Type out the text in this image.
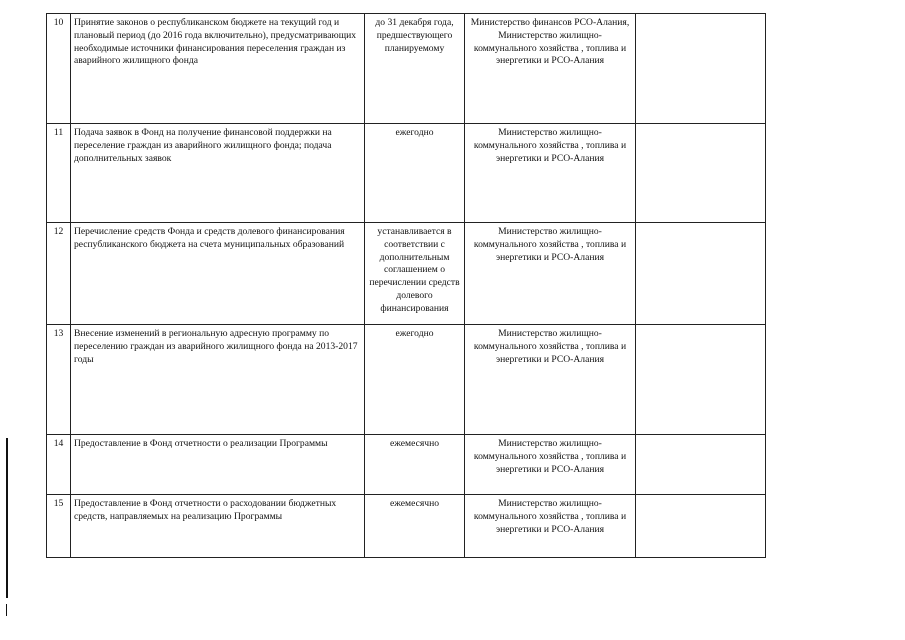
10	Принятие законов о республиканском бюджете на текущий год и плановый период (до 2016 года включительно), предусматривающих необходимые источники финансирования переселения граждан из аварийного жилищного фонда	до 31 декабря года, предшествующего планируемому	Министерство финансов РСО-Алания, Министерство жилищно-коммунального хозяйства , топлива и энергетики и РСО-Алания	
11	Подача заявок в Фонд на получение финансовой поддержки на переселение граждан из аварийного жилищного фонда; подача дополнительных заявок	ежегодно	Министерство жилищно-коммунального хозяйства , топлива и энергетики и РСО-Алания	
12	Перечисление средств Фонда и средств долевого финансирования республиканского бюджета на счета муниципальных образований	устанавливается в соответствии с дополнительным соглашением о перечислении средств долевого финансирования	Министерство жилищно-коммунального хозяйства , топлива и энергетики и РСО-Алания	
13	Внесение изменений в региональную адресную программу по переселению граждан из аварийного жилищного фонда на 2013-2017 годы	ежегодно	Министерство жилищно-коммунального хозяйства , топлива и энергетики и РСО-Алания	
14	Предоставление в Фонд отчетности о реализации Программы	ежемесячно	Министерство жилищно-коммунального хозяйства , топлива и энергетики и РСО-Алания	
15	Предоставление в Фонд отчетности о расходовании бюджетных средств, направляемых на реализацию Программы	ежемесячно	Министерство жилищно-коммунального хозяйства , топлива и энергетики и РСО-Алания	
